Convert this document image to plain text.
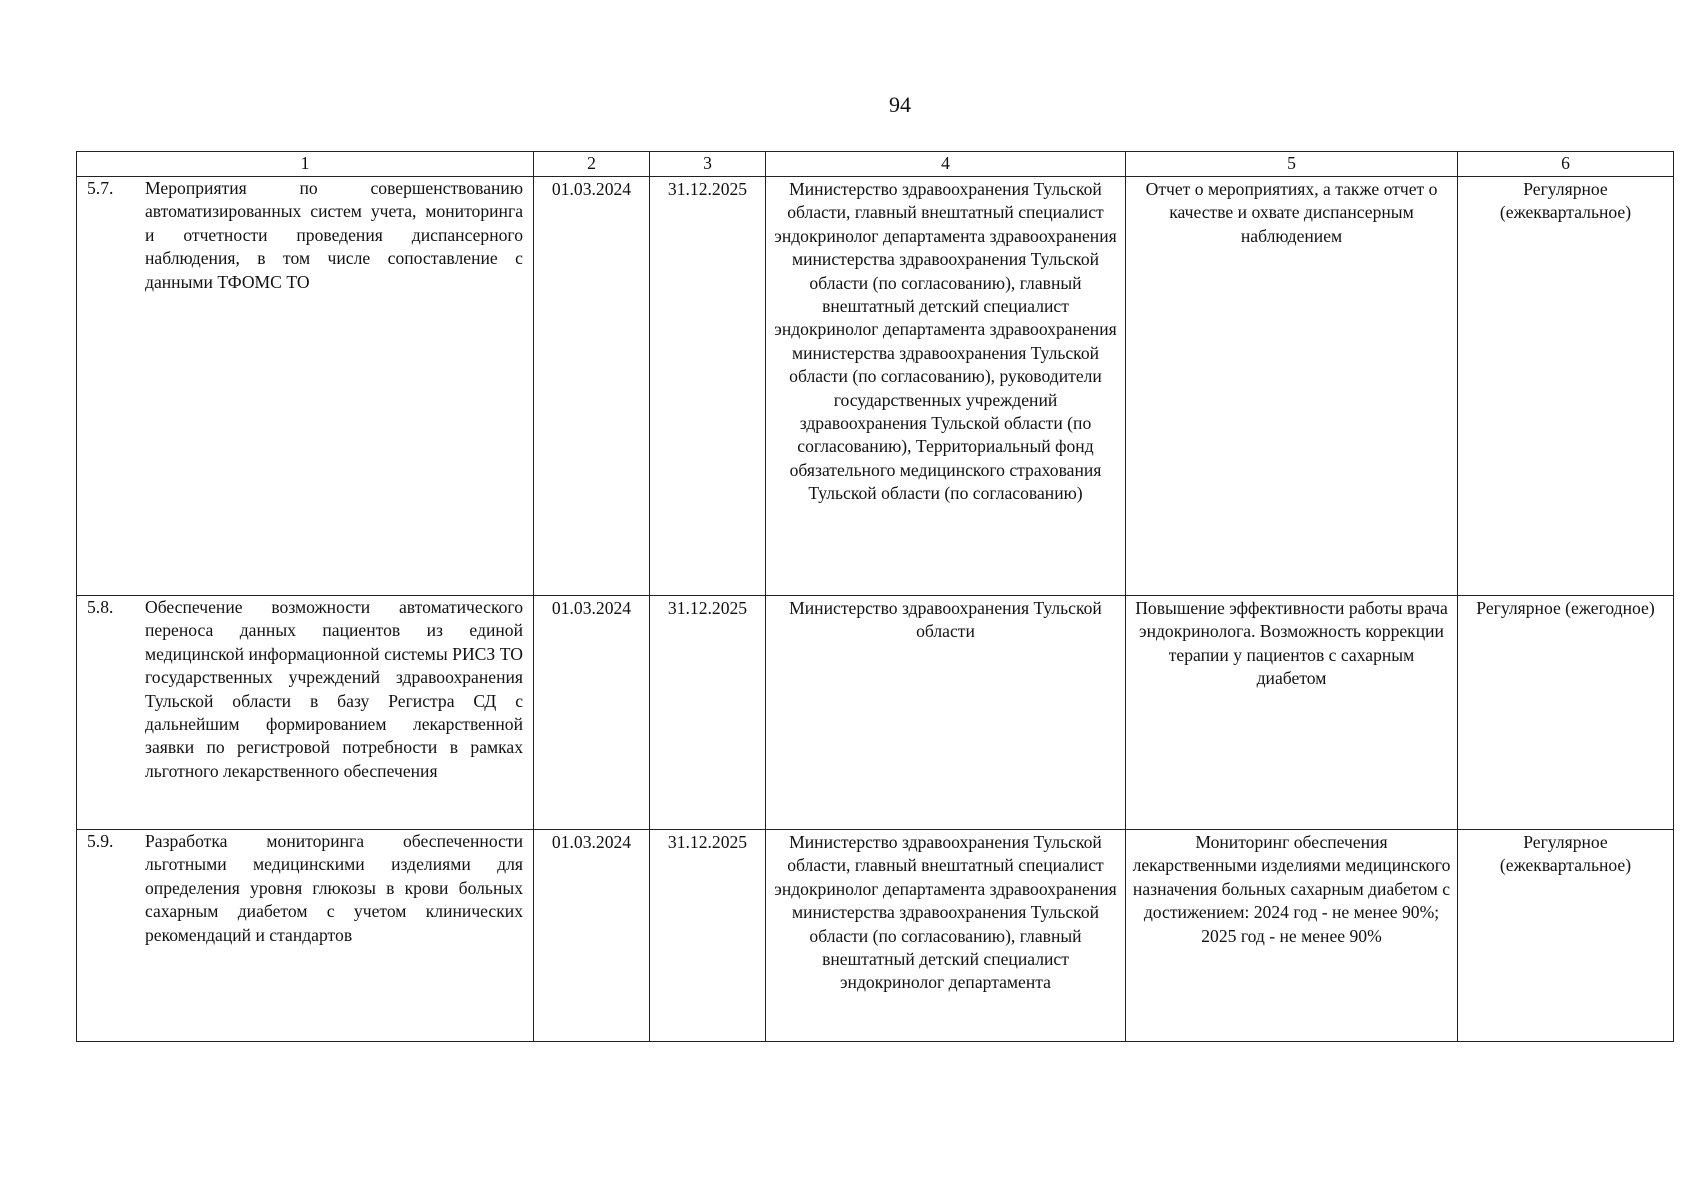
94
1	2	3	4	5	6

5.7. Мероприятия по совершенствованию автоматизированных систем учета, мониторинга и отчетности проведения диспансерного наблюдения, в том числе сопоставление с данными ТФОМС ТО	01.03.2024	31.12.2025	Министерство здравоохранения Тульской области, главный внештатный специалист эндокринолог департамента здравоохранения министерства здравоохранения Тульской области (по согласованию), главный внештатный детский специалист эндокринолог департамента здравоохранения министерства здравоохранения Тульской области (по согласованию), руководители государственных учреждений здравоохранения Тульской области (по согласованию), Территориальный фонд обязательного медицинского страхования Тульской области (по согласованию)	Отчет о мероприятиях, а также отчет о качестве и охвате диспансерным наблюдением	Регулярное (ежеквартальное)

5.8. Обеспечение возможности автоматического переноса данных пациентов из единой медицинской информационной системы РИСЗ ТО государственных учреждений здравоохранения Тульской области в базу Регистра СД с дальнейшим формированием лекарственной заявки по регистровой потребности в рамках льготного лекарственного обеспечения	01.03.2024	31.12.2025	Министерство здравоохранения Тульской области	Повышение эффективности работы врача эндокринолога. Возможность коррекции терапии у пациентов с сахарным диабетом	Регулярное (ежегодное)

5.9. Разработка мониторинга обеспеченности льготными медицинскими изделиями для определения уровня глюкозы в крови больных сахарным диабетом с учетом клинических рекомендаций и стандартов	01.03.2024	31.12.2025	Министерство здравоохранения Тульской области, главный внештатный специалист эндокринолог департамента здравоохранения министерства здравоохранения Тульской области (по согласованию), главный внештатный детский специалист эндокринолог департамента	Мониторинг обеспечения лекарственными изделиями медицинского назначения больных сахарным диабетом с достижением: 2024 год - не менее 90%; 2025 год - не менее 90%	Регулярное (ежеквартальное)
